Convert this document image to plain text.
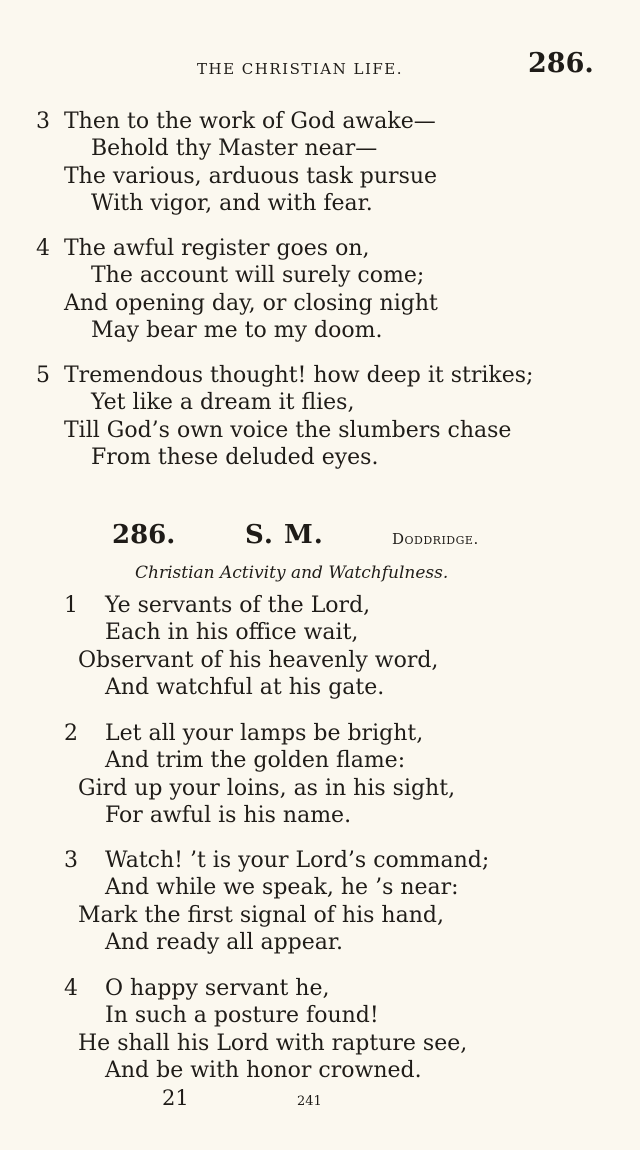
THE CHRISTIAN LIFE.	286.
3 Then to the work of God awake—
Behold thy Master near—
The various, arduous task pursue
With vigor, and with fear.
4 The awful register goes on,
The account will surely come;
And opening day, or closing night
May bear me to my doom.
5 Tremendous thought! how deep it strikes;
Yet like a dream it flies,
Till God’s own voice the slumbers chase
From these deluded eyes.
286.	S. M.	Doddridge.
Christian Activity and Watchfulness.
1 Ye servants of the Lord,
Each in his office wait,
Observant of his heavenly word,
And watchful at his gate.
2 Let all your lamps be bright,
And trim the golden flame:
Gird up your loins, as in his sight,
For awful is his name.
3 Watch! ’t is your Lord’s command;
And while we speak, he ’s near:
Mark the first signal of his hand,
And ready all appear.
4 O happy servant he,
In such a posture found!
He shall his Lord with rapture see,
And be with honor crowned.
21	241
